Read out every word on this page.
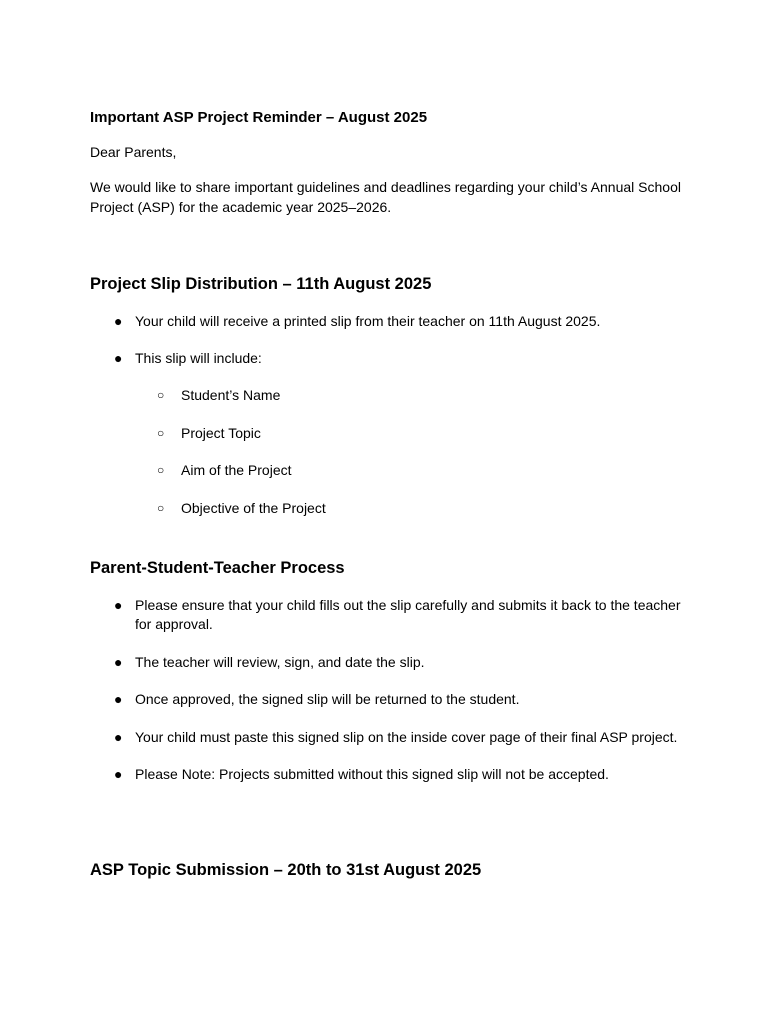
Important ASP Project Reminder – August 2025

Dear Parents,

We would like to share important guidelines and deadlines regarding your child’s Annual School Project (ASP) for the academic year 2025–2026.

Project Slip Distribution – 11th August 2025
● Your child will receive a printed slip from their teacher on 11th August 2025.
● This slip will include:
○ Student’s Name
○ Project Topic
○ Aim of the Project
○ Objective of the Project
Parent-Student-Teacher Process
● Please ensure that your child fills out the slip carefully and submits it back to the teacher for approval.
● The teacher will review, sign, and date the slip.
● Once approved, the signed slip will be returned to the student.
● Your child must paste this signed slip on the inside cover page of their final ASP project.
● Please Note: Projects submitted without this signed slip will not be accepted.
ASP Topic Submission – 20th to 31st August 2025
